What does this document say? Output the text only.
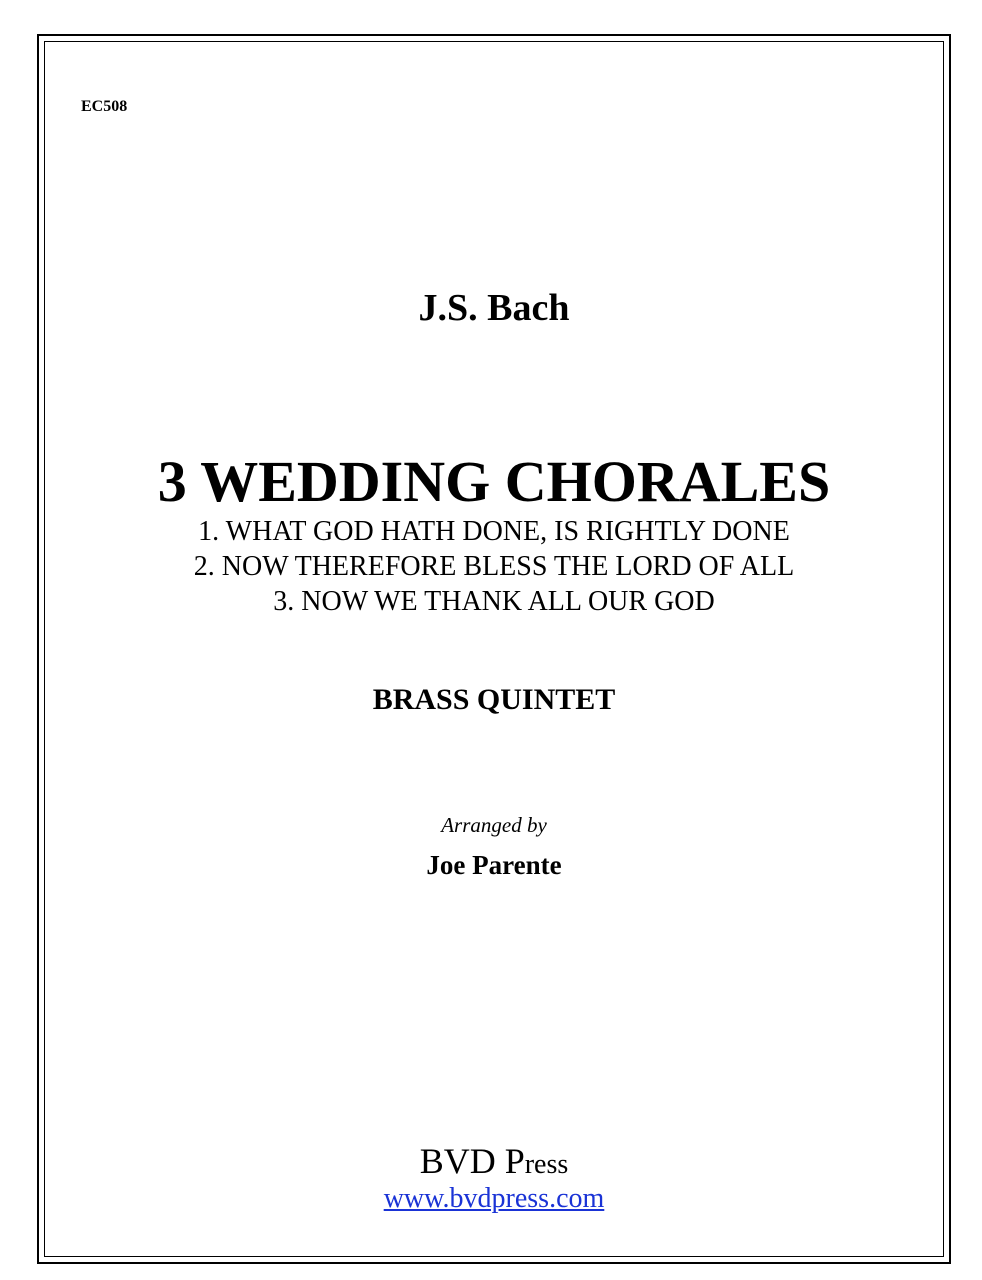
EC508
J.S. Bach
3 WEDDING CHORALES
1. WHAT GOD HATH DONE, IS RIGHTLY DONE
2. NOW THEREFORE BLESS THE LORD OF ALL
3. NOW WE THANK ALL OUR GOD
BRASS QUINTET
Arranged by
Joe Parente
BVD Press
www.bvdpress.com
